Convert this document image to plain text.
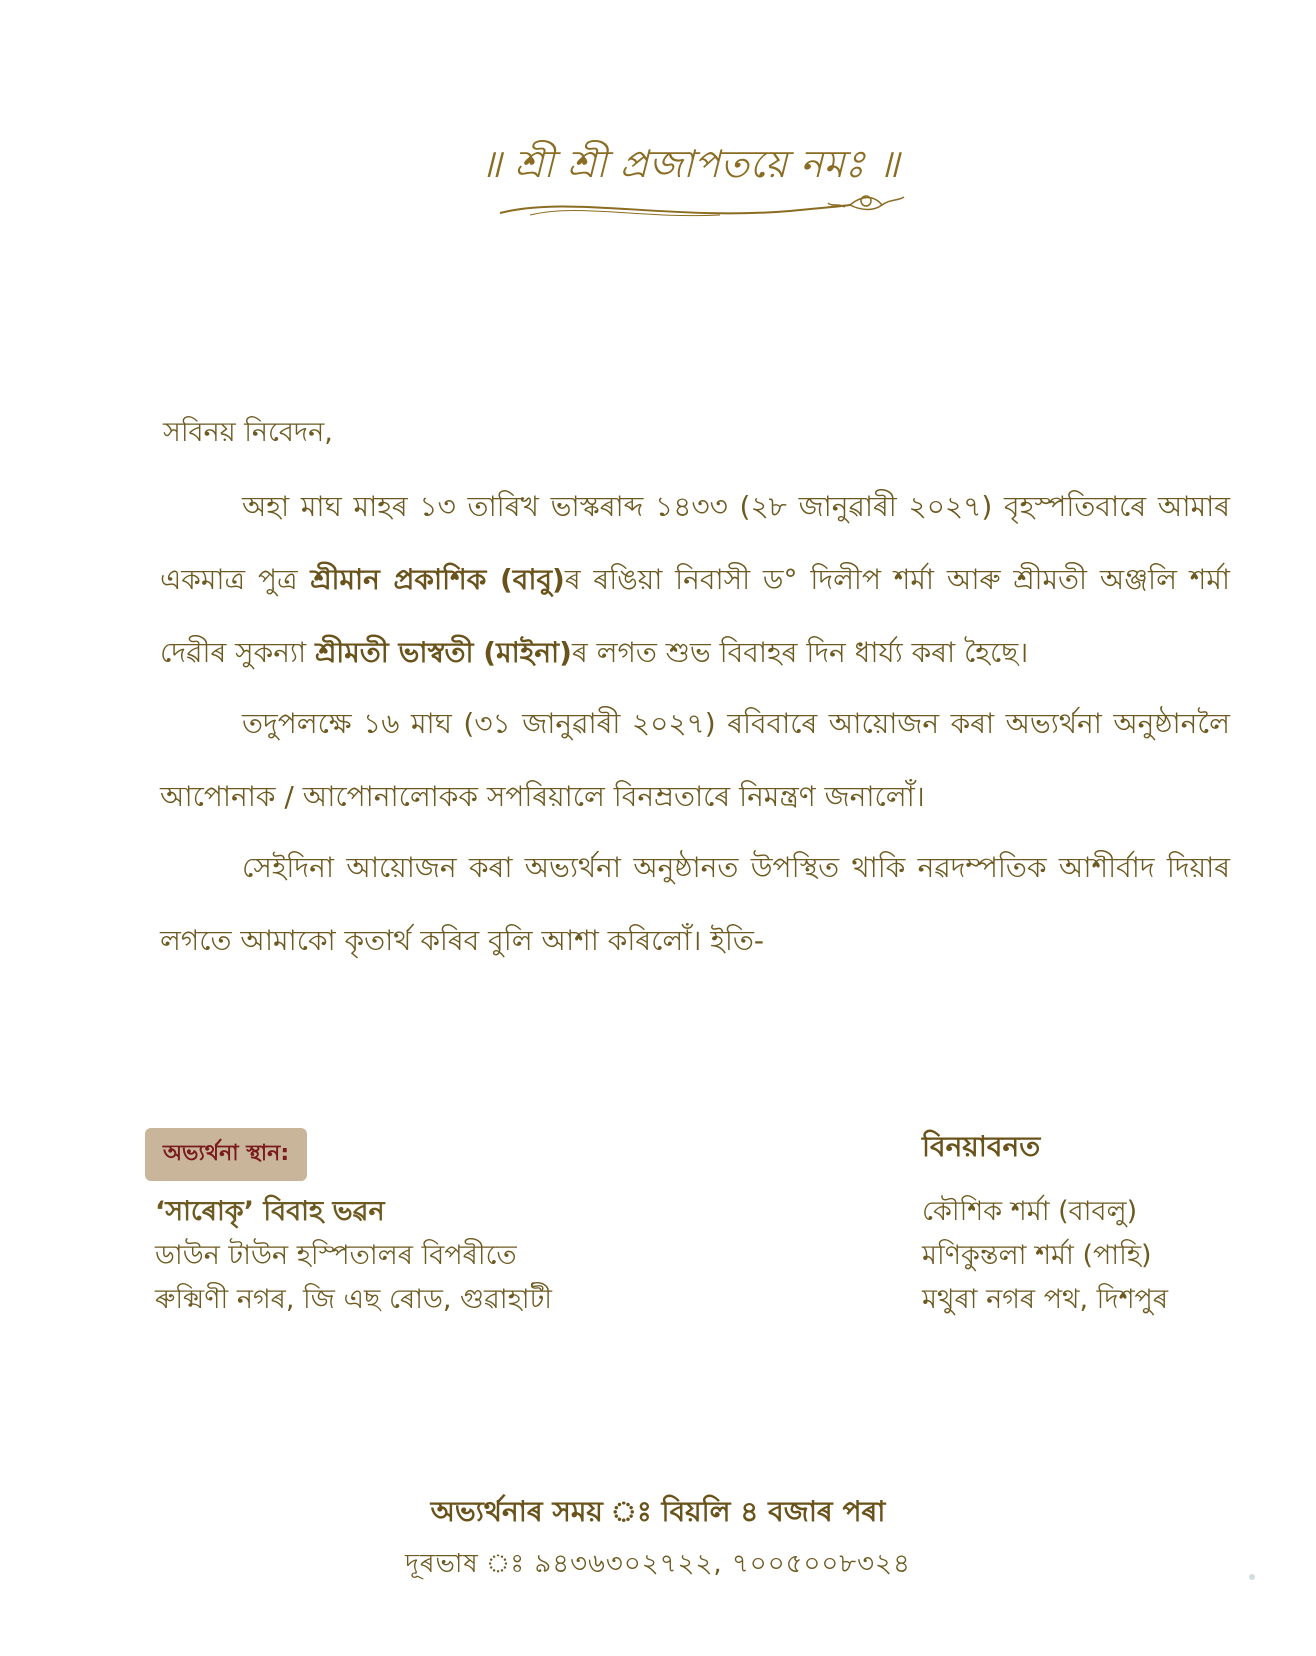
॥ শ্ৰী শ্ৰী প্ৰজাপতয়ে নমঃ ॥
সবিনয় নিবেদন,
অহা মাঘ মাহৰ ১৩ তাৰিখ ভাস্কৰাব্দ ১৪৩৩ (২৮ জানুৱাৰী ২০২৭) বৃহস্পতিবাৰে আমাৰ একমাত্ৰ পুত্ৰ শ্ৰীমান প্ৰকাশিক (বাবু)ৰ ৰঙিয়া নিবাসী ড° দিলীপ শৰ্মা আৰু শ্ৰীমতী অঞ্জলি শৰ্মা দেৱীৰ সুকন্যা শ্ৰীমতী ভাস্বতী (মাইনা)ৰ লগত শুভ বিবাহৰ দিন ধাৰ্য্য কৰা হৈছে।
তদুপলক্ষে ১৬ মাঘ (৩১ জানুৱাৰী ২০২৭) ৰবিবাৰে আয়োজন কৰা অভ্যৰ্থনা অনুষ্ঠানলৈ আপোনাক / আপোনালোকক সপৰিয়ালে বিনম্ৰতাৰে নিমন্ত্ৰণ জনালোঁ।
সেইদিনা আয়োজন কৰা অভ্যৰ্থনা অনুষ্ঠানত উপস্থিত থাকি নৱদম্পতিক আশীৰ্বাদ দিয়াৰ লগতে আমাকো কৃতাৰ্থ কৰিব বুলি আশা কৰিলোঁ। ইতি-
অভ্যৰ্থনা স্থান:
‘সাৰোকৃ’ বিবাহ ভৱন
ডাউন টাউন হস্পিতালৰ বিপৰীতে
ৰুক্মিণী নগৰ, জি এছ ৰোড, গুৱাহাটী
বিনয়াবনত
কৌশিক শৰ্মা (বাবলু)
মণিকুন্তলা শৰ্মা (পাহি)
মথুৰা নগৰ পথ, দিশপুৰ
অভ্যৰ্থনাৰ সময় ঃ বিয়লি ৪ বজাৰ পৰা
দূৰভাষ ঃ ৯৪৩৬৩০২৭২২, ৭০০৫০০৮৩২৪
